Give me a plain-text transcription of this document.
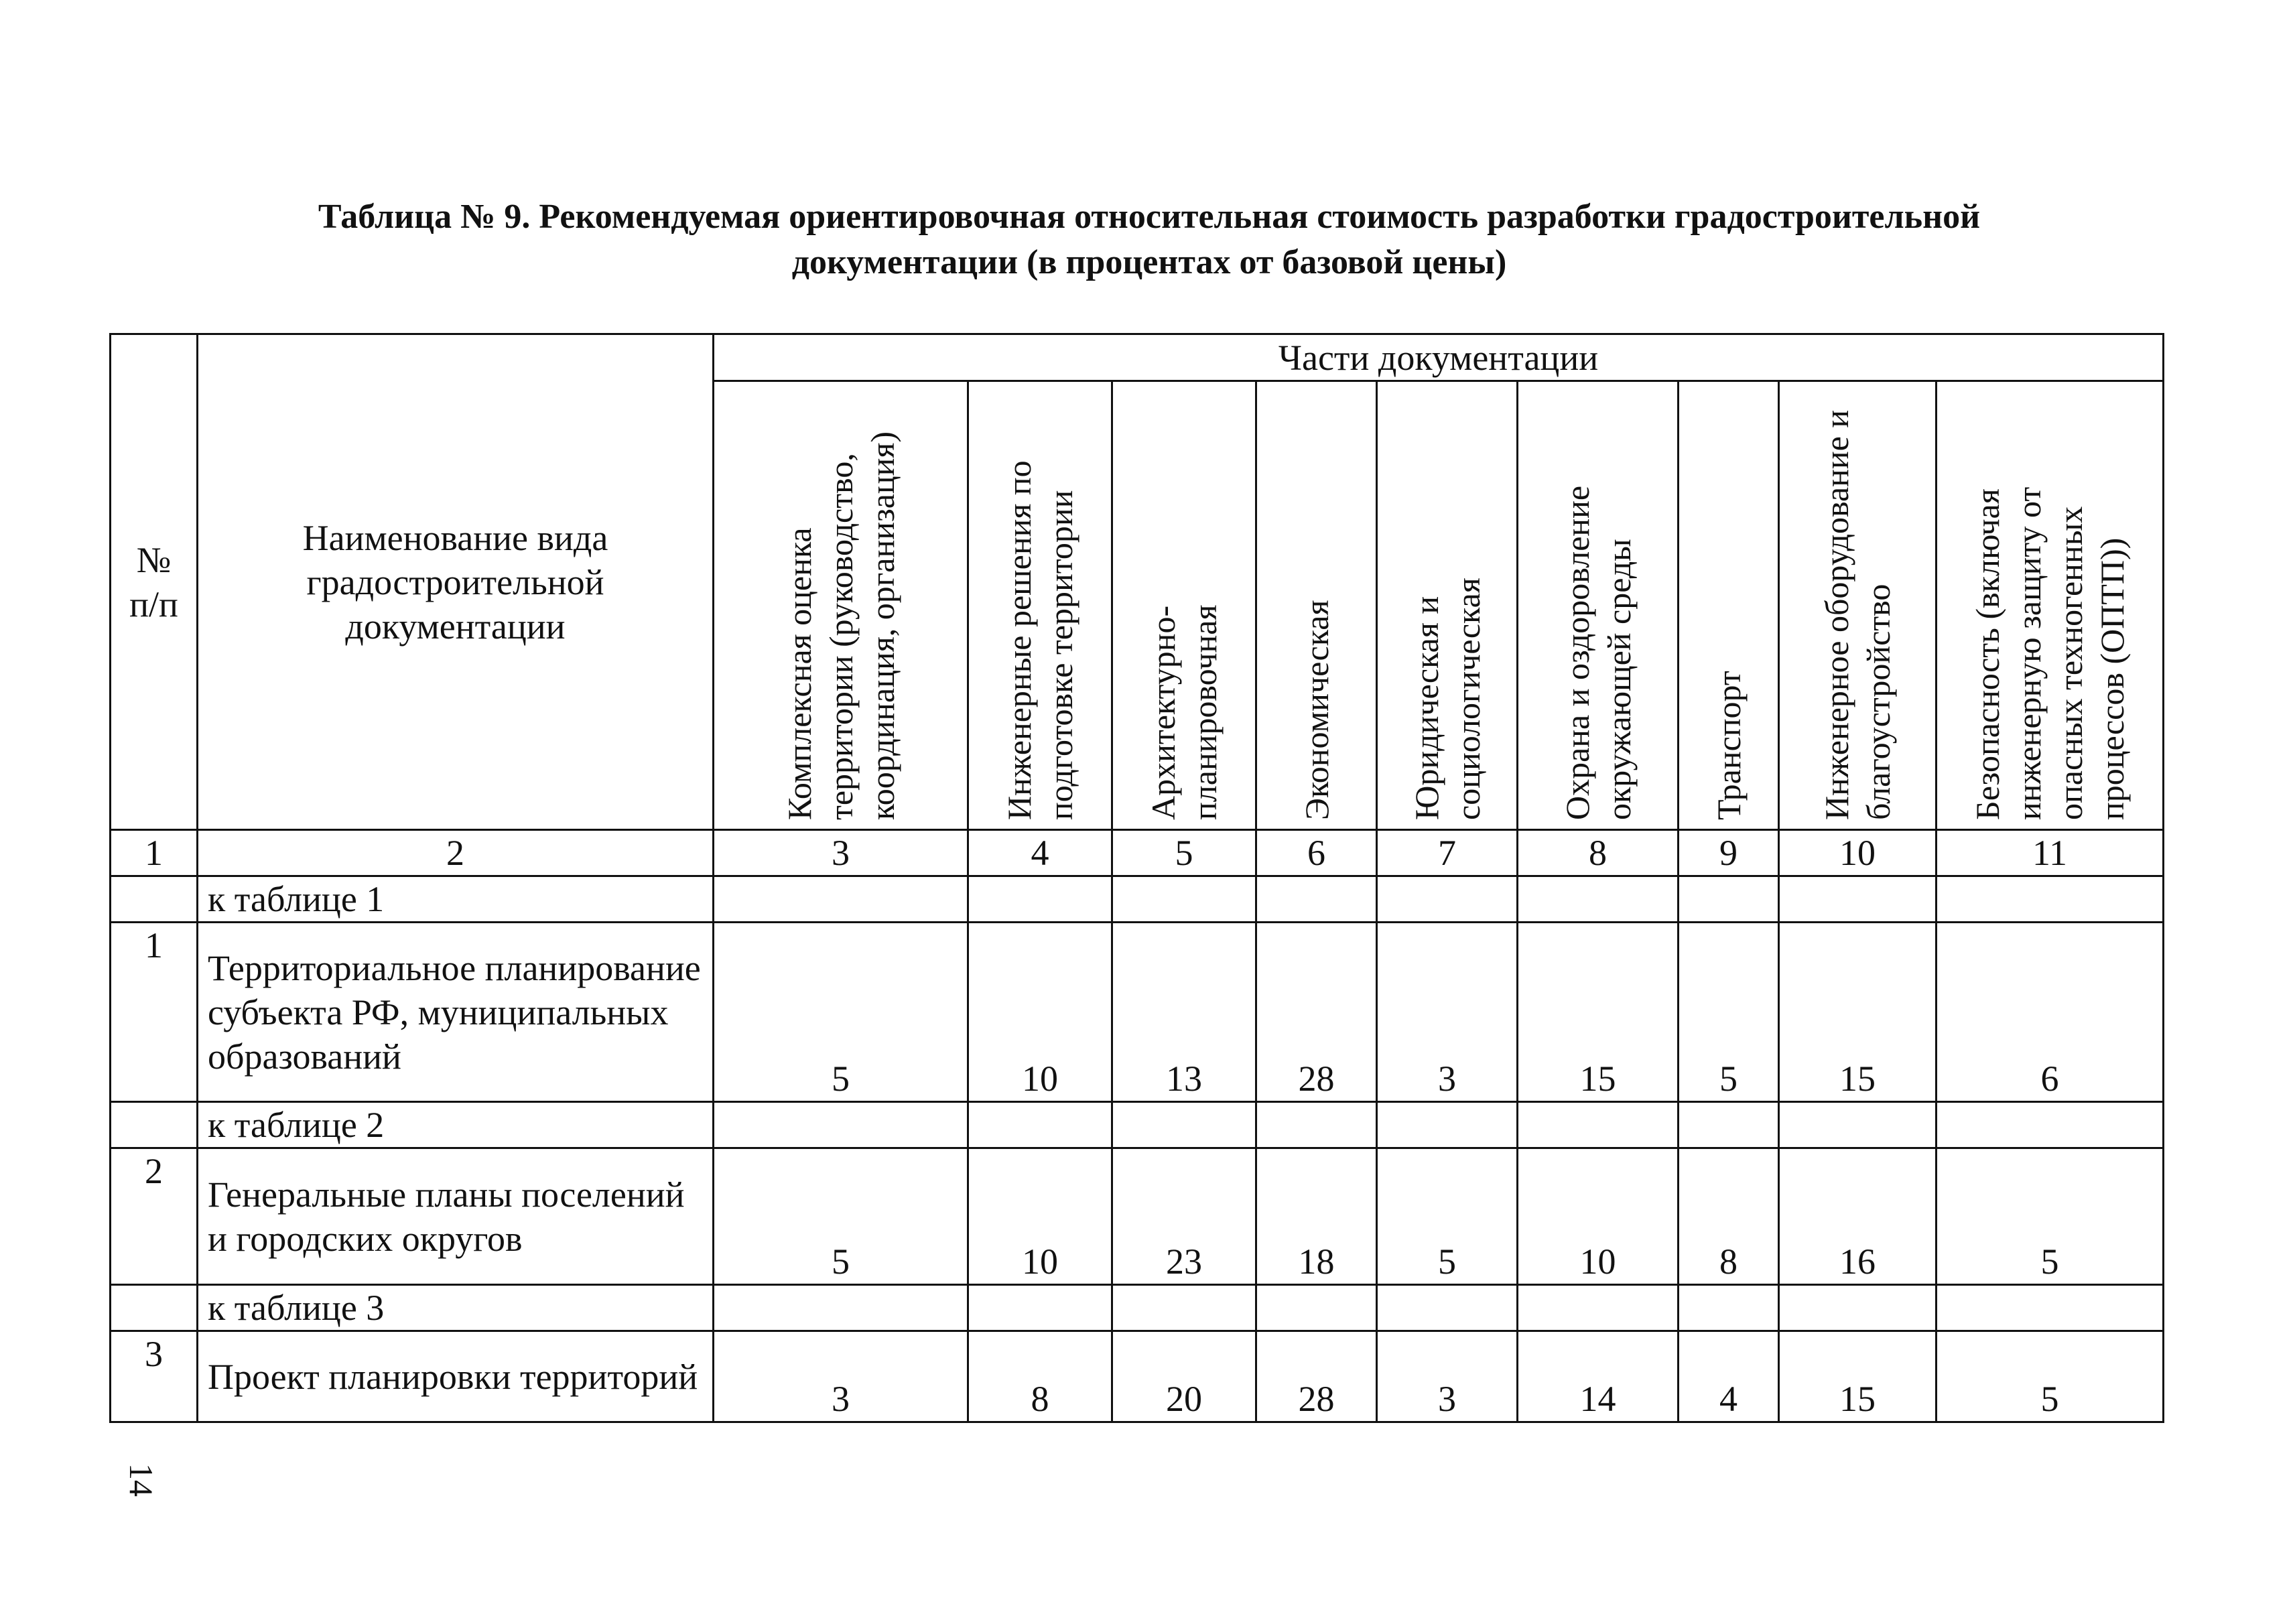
Таблица № 9. Рекомендуемая ориентировочная относительная стоимость разработки градостроительной
документации (в процентах от базовой цены)
№ п/п	Наименование вида градостроительной документации	Части документации								

		Комплексная оценка территории (руководство, координация, организация)	Инженерные решения по подготовке территории	Архитектурно-планировочная	Экономическая	Юридическая и социологическая	Охрана и оздоровление окружающей среды	Транспорт	Инженерное оборудование и благоустройство	Безопасность (включая инженерную защиту от опасных техногенных процессов (ОПТП))

1	2	3	4	5	6	7	8	9	10	11
	к таблице 1									
1	Территориальное планирование субъекта РФ, муниципальных образований	5	10	13	28	3	15	5	15	6
	к таблице 2									
2	Генеральные планы поселений и городских округов	5	10	23	18	5	10	8	16	5
	к таблице 3									
3	Проект планировки территорий	3	8	20	28	3	14	4	15	5
14
